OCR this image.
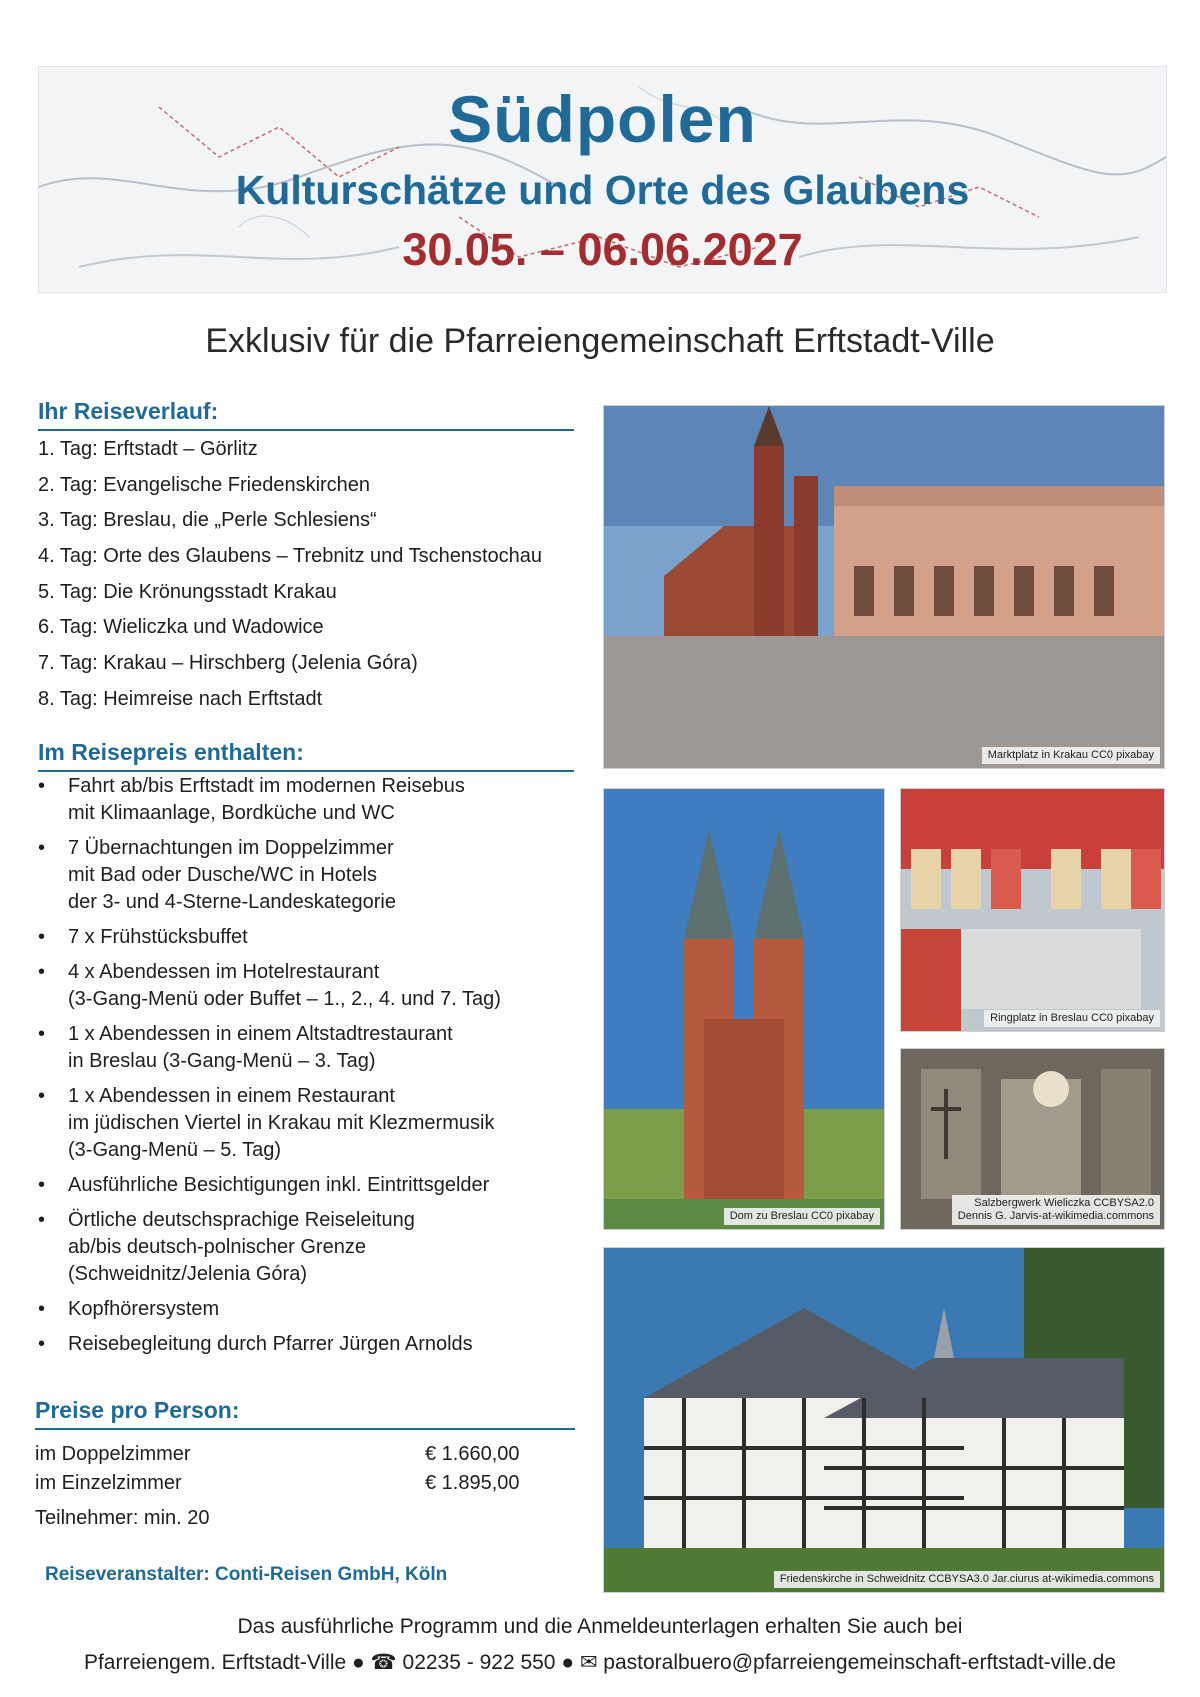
Südpolen
Kulturschätze und Orte des Glaubens
30.05. – 06.06.2027
Exklusiv für die Pfarreiengemeinschaft Erftstadt-Ville
Ihr Reiseverlauf:
1. Tag: Erftstadt – Görlitz
2. Tag: Evangelische Friedenskirchen
3. Tag: Breslau, die „Perle Schlesiens“
4. Tag: Orte des Glaubens – Trebnitz und Tschenstochau
5. Tag: Die Krönungsstadt Krakau
6. Tag: Wieliczka und Wadowice
7. Tag: Krakau – Hirschberg (Jelenia Góra)
8. Tag: Heimreise nach Erftstadt
Im Reisepreis enthalten:
• Fahrt ab/bis Erftstadt im modernen Reisebus
mit Klimaanlage, Bordküche und WC
• 7 Übernachtungen im Doppelzimmer
mit Bad oder Dusche/WC in Hotels
der 3- und 4-Sterne-Landeskategorie
• 7 x Frühstücksbuffet
• 4 x Abendessen im Hotelrestaurant
(3-Gang-Menü oder Buffet – 1., 2., 4. und 7. Tag)
• 1 x Abendessen in einem Altstadtrestaurant
in Breslau (3-Gang-Menü – 3. Tag)
• 1 x Abendessen in einem Restaurant
im jüdischen Viertel in Krakau mit Klezmermusik
(3-Gang-Menü – 5. Tag)
• Ausführliche Besichtigungen inkl. Eintrittsgelder
• Örtliche deutschsprachige Reiseleitung
ab/bis deutsch-polnischer Grenze
(Schweidnitz/Jelenia Góra)
• Kopfhörersystem
• Reisebegleitung durch Pfarrer Jürgen Arnolds
Preise pro Person:
im Doppelzimmer	€ 1.660,00
im Einzelzimmer	€ 1.895,00
Teilnehmer: min. 20
Reiseveranstalter: Conti-Reisen GmbH, Köln
Das ausführliche Programm und die Anmeldeunterlagen erhalten Sie auch bei
Pfarreiengem. Erftstadt-Ville ● ☎ 02235 - 922 550 ● ✉ pastoralbuero@pfarreiengemeinschaft-erftstadt-ville.de
Marktplatz in Krakau CC0 pixabay
Dom zu Breslau CC0 pixabay
Ringplatz in Breslau CC0 pixabay
Salzbergwerk Wieliczka CCBYSA2.0
Dennis G. Jarvis-at-wikimedia.commons
Friedenskirche in Schweidnitz CCBYSA3.0 Jar.ciurus at-wikimedia.commons
